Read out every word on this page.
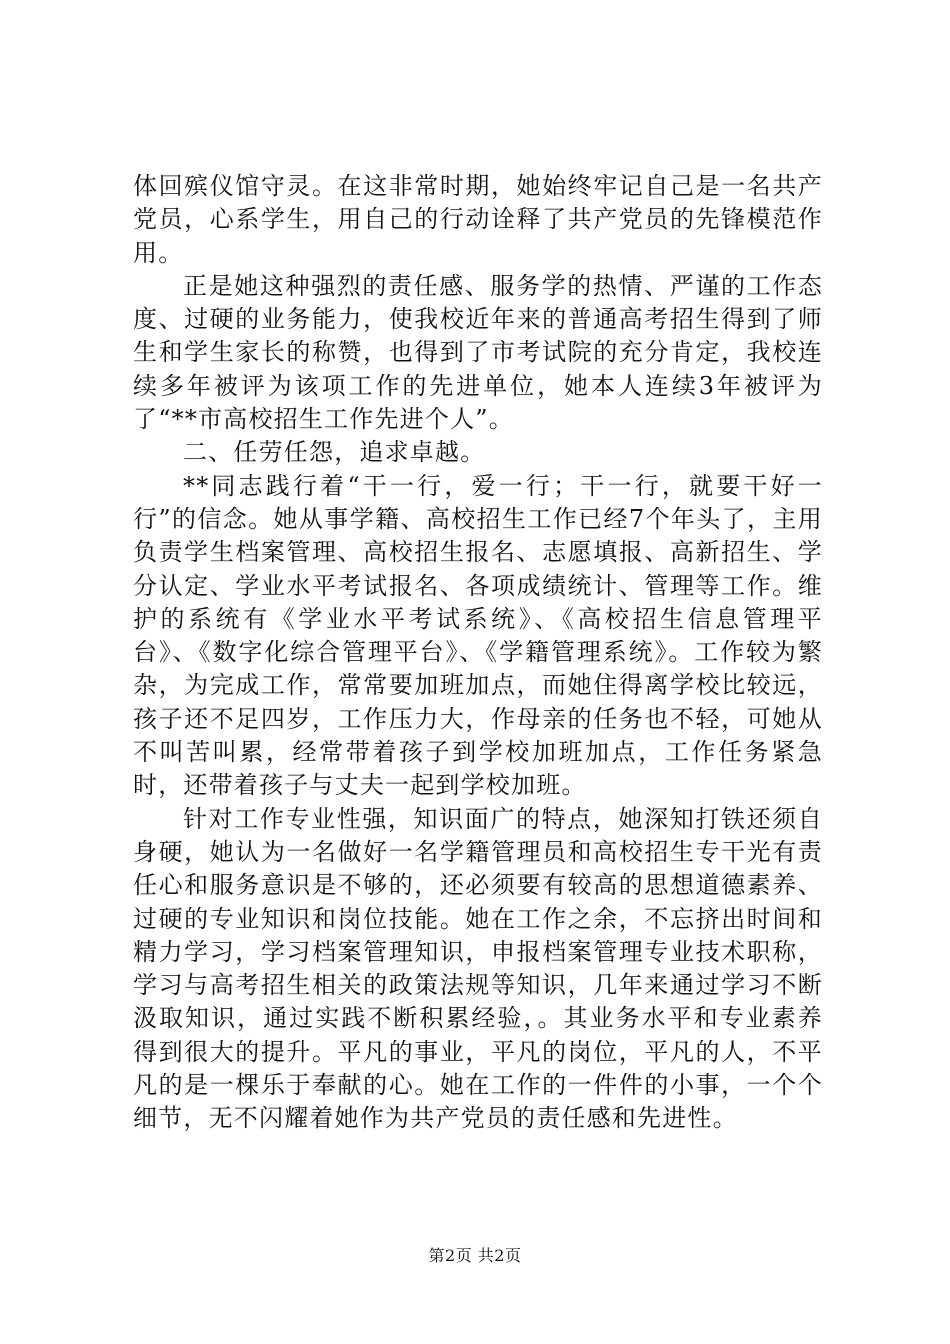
体回殡仪馆守灵。在这非常时期，她始终牢记自己是一名共产党员，心系学生，用自己的行动诠释了共产党员的先锋模范作用。

正是她这种强烈的责任感、服务学的热情、严谨的工作态度、过硬的业务能力，使我校近年来的普通高考招生得到了师生和学生家长的称赞，也得到了市考试院的充分肯定，我校连续多年被评为该项工作的先进单位，她本人连续3年被评为了“**市高校招生工作先进个人”。

二、任劳任怨，追求卓越。

**同志践行着“干一行，爱一行；干一行，就要干好一行”的信念。她从事学籍、高校招生工作已经7个年头了，主用负责学生档案管理、高校招生报名、志愿填报、高新招生、学分认定、学业水平考试报名、各项成绩统计、管理等工作。维护的系统有《学业水平考试系统》、《高校招生信息管理平台》、《数字化综合管理平台》、《学籍管理系统》。工作较为繁杂，为完成工作，常常要加班加点，而她住得离学校比较远，孩子还不足四岁，工作压力大，作母亲的任务也不轻，可她从不叫苦叫累，经常带着孩子到学校加班加点，工作任务紧急时，还带着孩子与丈夫一起到学校加班。

针对工作专业性强，知识面广的特点，她深知打铁还须自身硬，她认为一名做好一名学籍管理员和高校招生专干光有责任心和服务意识是不够的，还必须要有较高的思想道德素养、过硬的专业知识和岗位技能。她在工作之余，不忘挤出时间和精力学习，学习档案管理知识，申报档案管理专业技术职称，学习与高考招生相关的政策法规等知识，几年来通过学习不断汲取知识，通过实践不断积累经验，。其业务水平和专业素养得到很大的提升。平凡的事业，平凡的岗位，平凡的人，不平凡的是一棵乐于奉献的心。她在工作的一件件的小事，一个个细节，无不闪耀着她作为共产党员的责任感和先进性。

第2页 共2页
